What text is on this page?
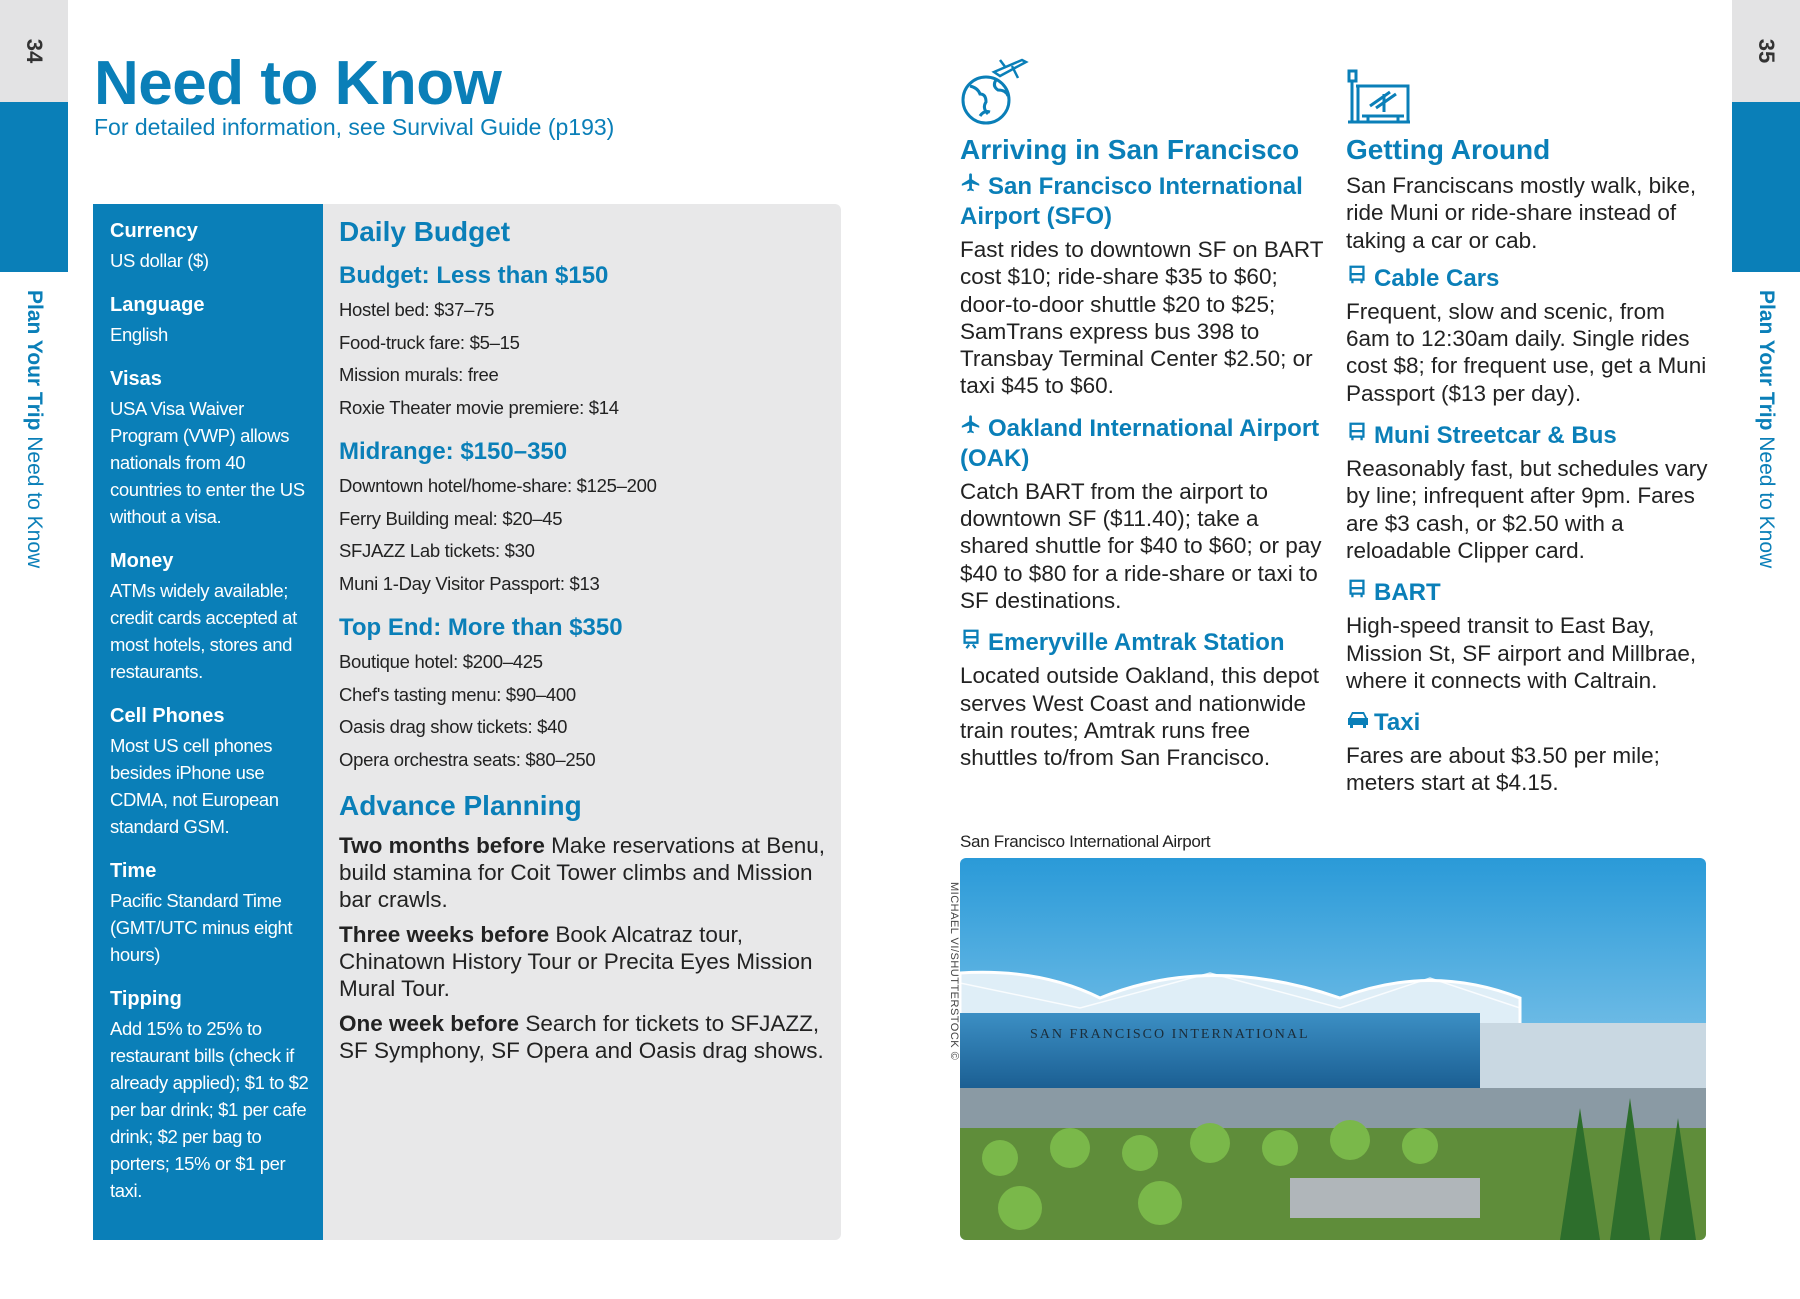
34
Plan Your Trip Need to Know
35
Plan Your Trip Need to Know
Need to Know
For detailed information, see Survival Guide (p193)
Currency

US dollar ($)

Language

English

Visas

USA Visa Waiver Program (VWP) allows nationals from 40 countries to enter the US without a visa.

Money

ATMs widely available; credit cards accepted at most hotels, stores and restaurants.

Cell Phones

Most US cell phones besides iPhone use CDMA, not European standard GSM.

Time

Pacific Standard Time (GMT/UTC minus eight hours)

Tipping

Add 15% to 25% to restaurant bills (check if already applied); $1 to $2 per bar drink; $1 per cafe drink; $2 per bag to porters; 15% or $1 per taxi.

Daily Budget
Budget: Less than $150
Hostel bed: $37–75
Food-truck fare: $5–15
Mission murals: free
Roxie Theater movie premiere: $14
Midrange: $150–350
Downtown hotel/home-share: $125–200
Ferry Building meal: $20–45
SFJAZZ Lab tickets: $30
Muni 1-Day Visitor Passport: $13
Top End: More than $350
Boutique hotel: $200–425
Chef's tasting menu: $90–400
Oasis drag show tickets: $40
Opera orchestra seats: $80–250
Advance Planning

Two months before Make reservations at Benu, build stamina for Coit Tower climbs and Mission bar crawls.

Three weeks before Book Alcatraz tour, Chinatown History Tour or Precita Eyes Mission Mural Tour.

One week before Search for tickets to SFJAZZ, SF Symphony, SF Opera and Oasis drag shows.

Arriving in San Francisco
San Francisco International Airport (SFO)

Fast rides to downtown SF on BART cost $10; ride-share $35 to $60; door-to-door shuttle $20 to $25; SamTrans express bus 398 to Transbay Terminal Center $2.50; or taxi $45 to $60.

Oakland International Airport (OAK)

Catch BART from the airport to downtown SF ($11.40); take a shared shuttle for $40 to $60; or pay $40 to $80 for a ride-share or taxi to SF destinations.

Emeryville Amtrak Station

Located outside Oakland, this depot serves West Coast and nationwide train routes; Amtrak runs free shuttles to/from San Francisco.

Getting Around

San Franciscans mostly walk, bike, ride Muni or ride-share instead of taking a car or cab.

Cable Cars

Frequent, slow and scenic, from 6am to 12:30am daily. Single rides cost $8; for frequent use, get a Muni Passport ($13 per day).

Muni Streetcar & Bus

Reasonably fast, but schedules vary by line; infrequent after 9pm. Fares are $3 cash, or $2.50 with a reloadable Clipper card.

BART

High-speed transit to East Bay, Mission St, SF airport and Millbrae, where it connects with Caltrain.

Taxi

Fares are about $3.50 per mile; meters start at $4.15.

San Francisco International Airport
MICHAEL VI/SHUTTERSTOCK ©	SAN FRANCISCO INTERNATIONAL
